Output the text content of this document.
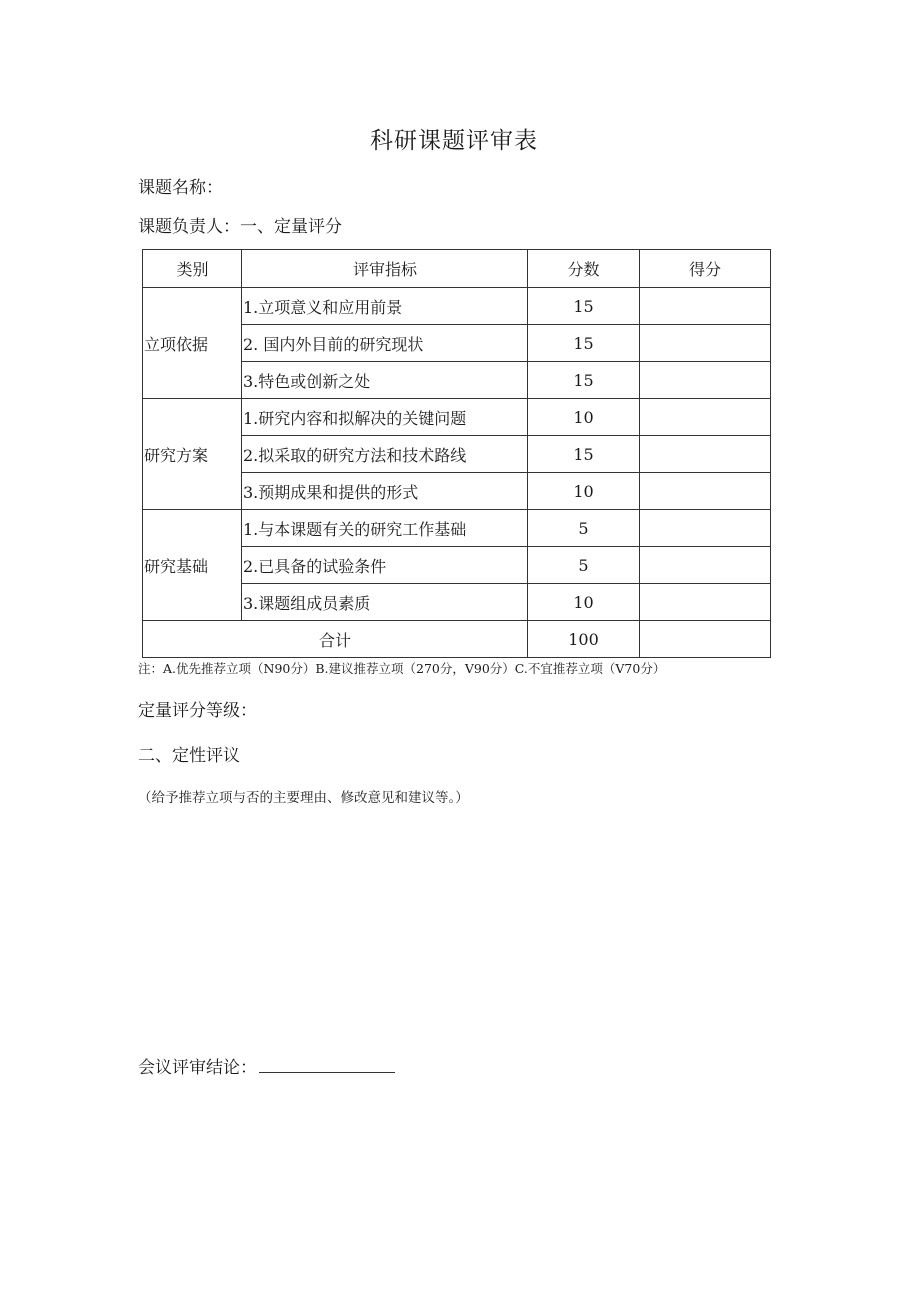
科研课题评审表
课题名称：
课题负责人：一、定量评分
类别	评审指标	分数	得分
立项依据	1.立项意义和应用前景	15	
	2. 国内外目前的研究现状	15	
	3.特色或创新之处	15	
研究方案	1.研究内容和拟解决的关键问题	10	
	2.拟采取的研究方法和技术路线	15	
	3.预期成果和提供的形式	10	
研究基础	1.与本课题有关的研究工作基础	5	
	2.已具备的试验条件	5	
	3.课题组成员素质	10	
合计		100	
注：A.优先推荐立项（N90分）B.建议推荐立项（270分，V90分）C.不宜推荐立项（V70分）
定量评分等级：
二、定性评议
（给予推荐立项与否的主要理由、修改意见和建议等。）
会议评审结论：
